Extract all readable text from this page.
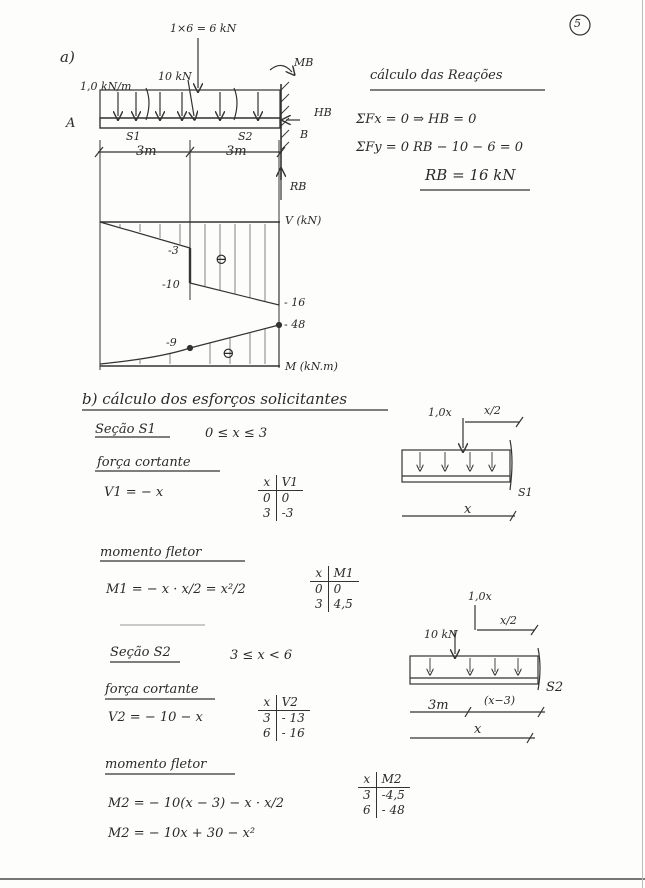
5
a)
1×6 = 6 kN
1,0 kN/m
10 kN
MB
HB
RB
A
B
S1	S2
3m	3m
cálculo das Reações
ΣFx = 0 ⇒ HB = 0
ΣFy = 0 RB − 10 − 6 = 0
RB = 16 kN
V (kN)
-3
-10
- 16
⊖
-9
- 48
M (kN.m)
⊖
b) cálculo dos esforços solicitantes
Seção S1	0 ≤ x ≤ 3
força cortante
V1 = − x
x	V1
0	0
3	-3
momento fletor
M1 = − x · x/2 = x²/2
x	M1
0	0
3	4,5
1,0x	x/2
S1
x
Seção S2	3 ≤ x < 6
força cortante
V2 = − 10 − x
x	V2
3	- 13
6	- 16
momento fletor
M2 = − 10(x − 3) − x · x/2
M2 = − 10x + 30 − x²
x	M2
3	-4,5
6	- 48
10 kN
1,0x
x/2
S2
3m	(x−3)
x
